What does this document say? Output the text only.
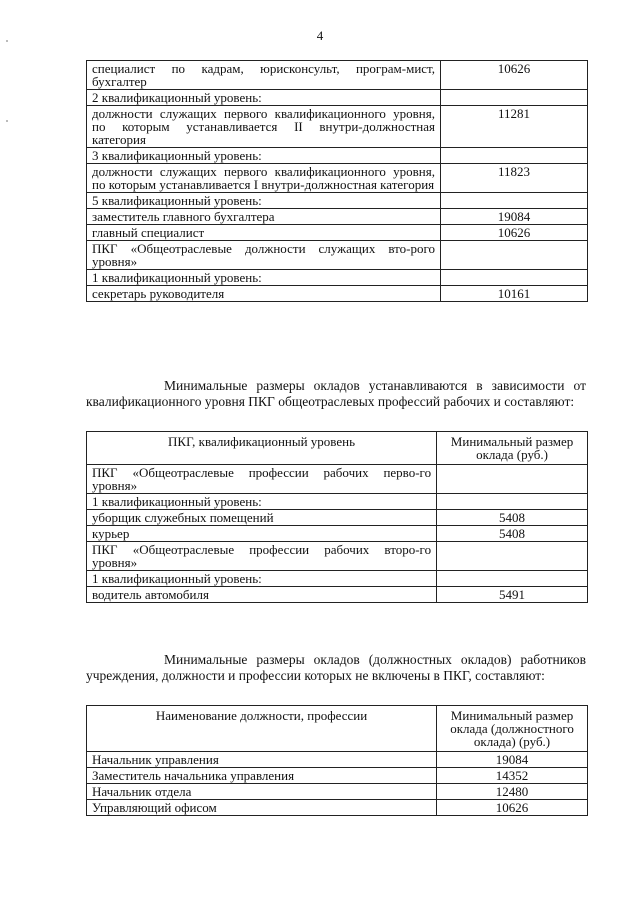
4
специалист по кадрам, юрисконсульт, програм-мист, бухгалтер	10626
2 квалификационный уровень:	
должности служащих первого квалификационного уровня, по которым устанавливается II внутри-должностная категория	11281
3 квалификационный уровень:	
должности служащих первого квалификационного уровня, по которым устанавливается I внутри-должностная категория	11823
5 квалификационный уровень:	
заместитель главного бухгалтера	19084
главный специалист	10626
ПКГ «Общеотраслевые должности служащих вто-рого уровня»	
1 квалификационный уровень:	
секретарь руководителя	10161
Минимальные размеры окладов устанавливаются в зависимости от квалификационного уровня ПКГ общеотраслевых профессий рабочих и составляют:
ПКГ, квалификационный уровень	Минимальный размер оклада (руб.)
ПКГ «Общеотраслевые профессии рабочих перво-го уровня»	
1 квалификационный уровень:	
уборщик служебных помещений	5408
курьер	5408
ПКГ «Общеотраслевые профессии рабочих второ-го уровня»	
1 квалификационный уровень:	
водитель автомобиля	5491
Минимальные размеры окладов (должностных окладов) работников учреждения, должности и профессии которых не включены в ПКГ, составляют:
Наименование должности, профессии	Минимальный размер оклада (должностного оклада) (руб.)
Начальник управления	19084
Заместитель начальника управления	14352
Начальник отдела	12480
Управляющий офисом	10626
